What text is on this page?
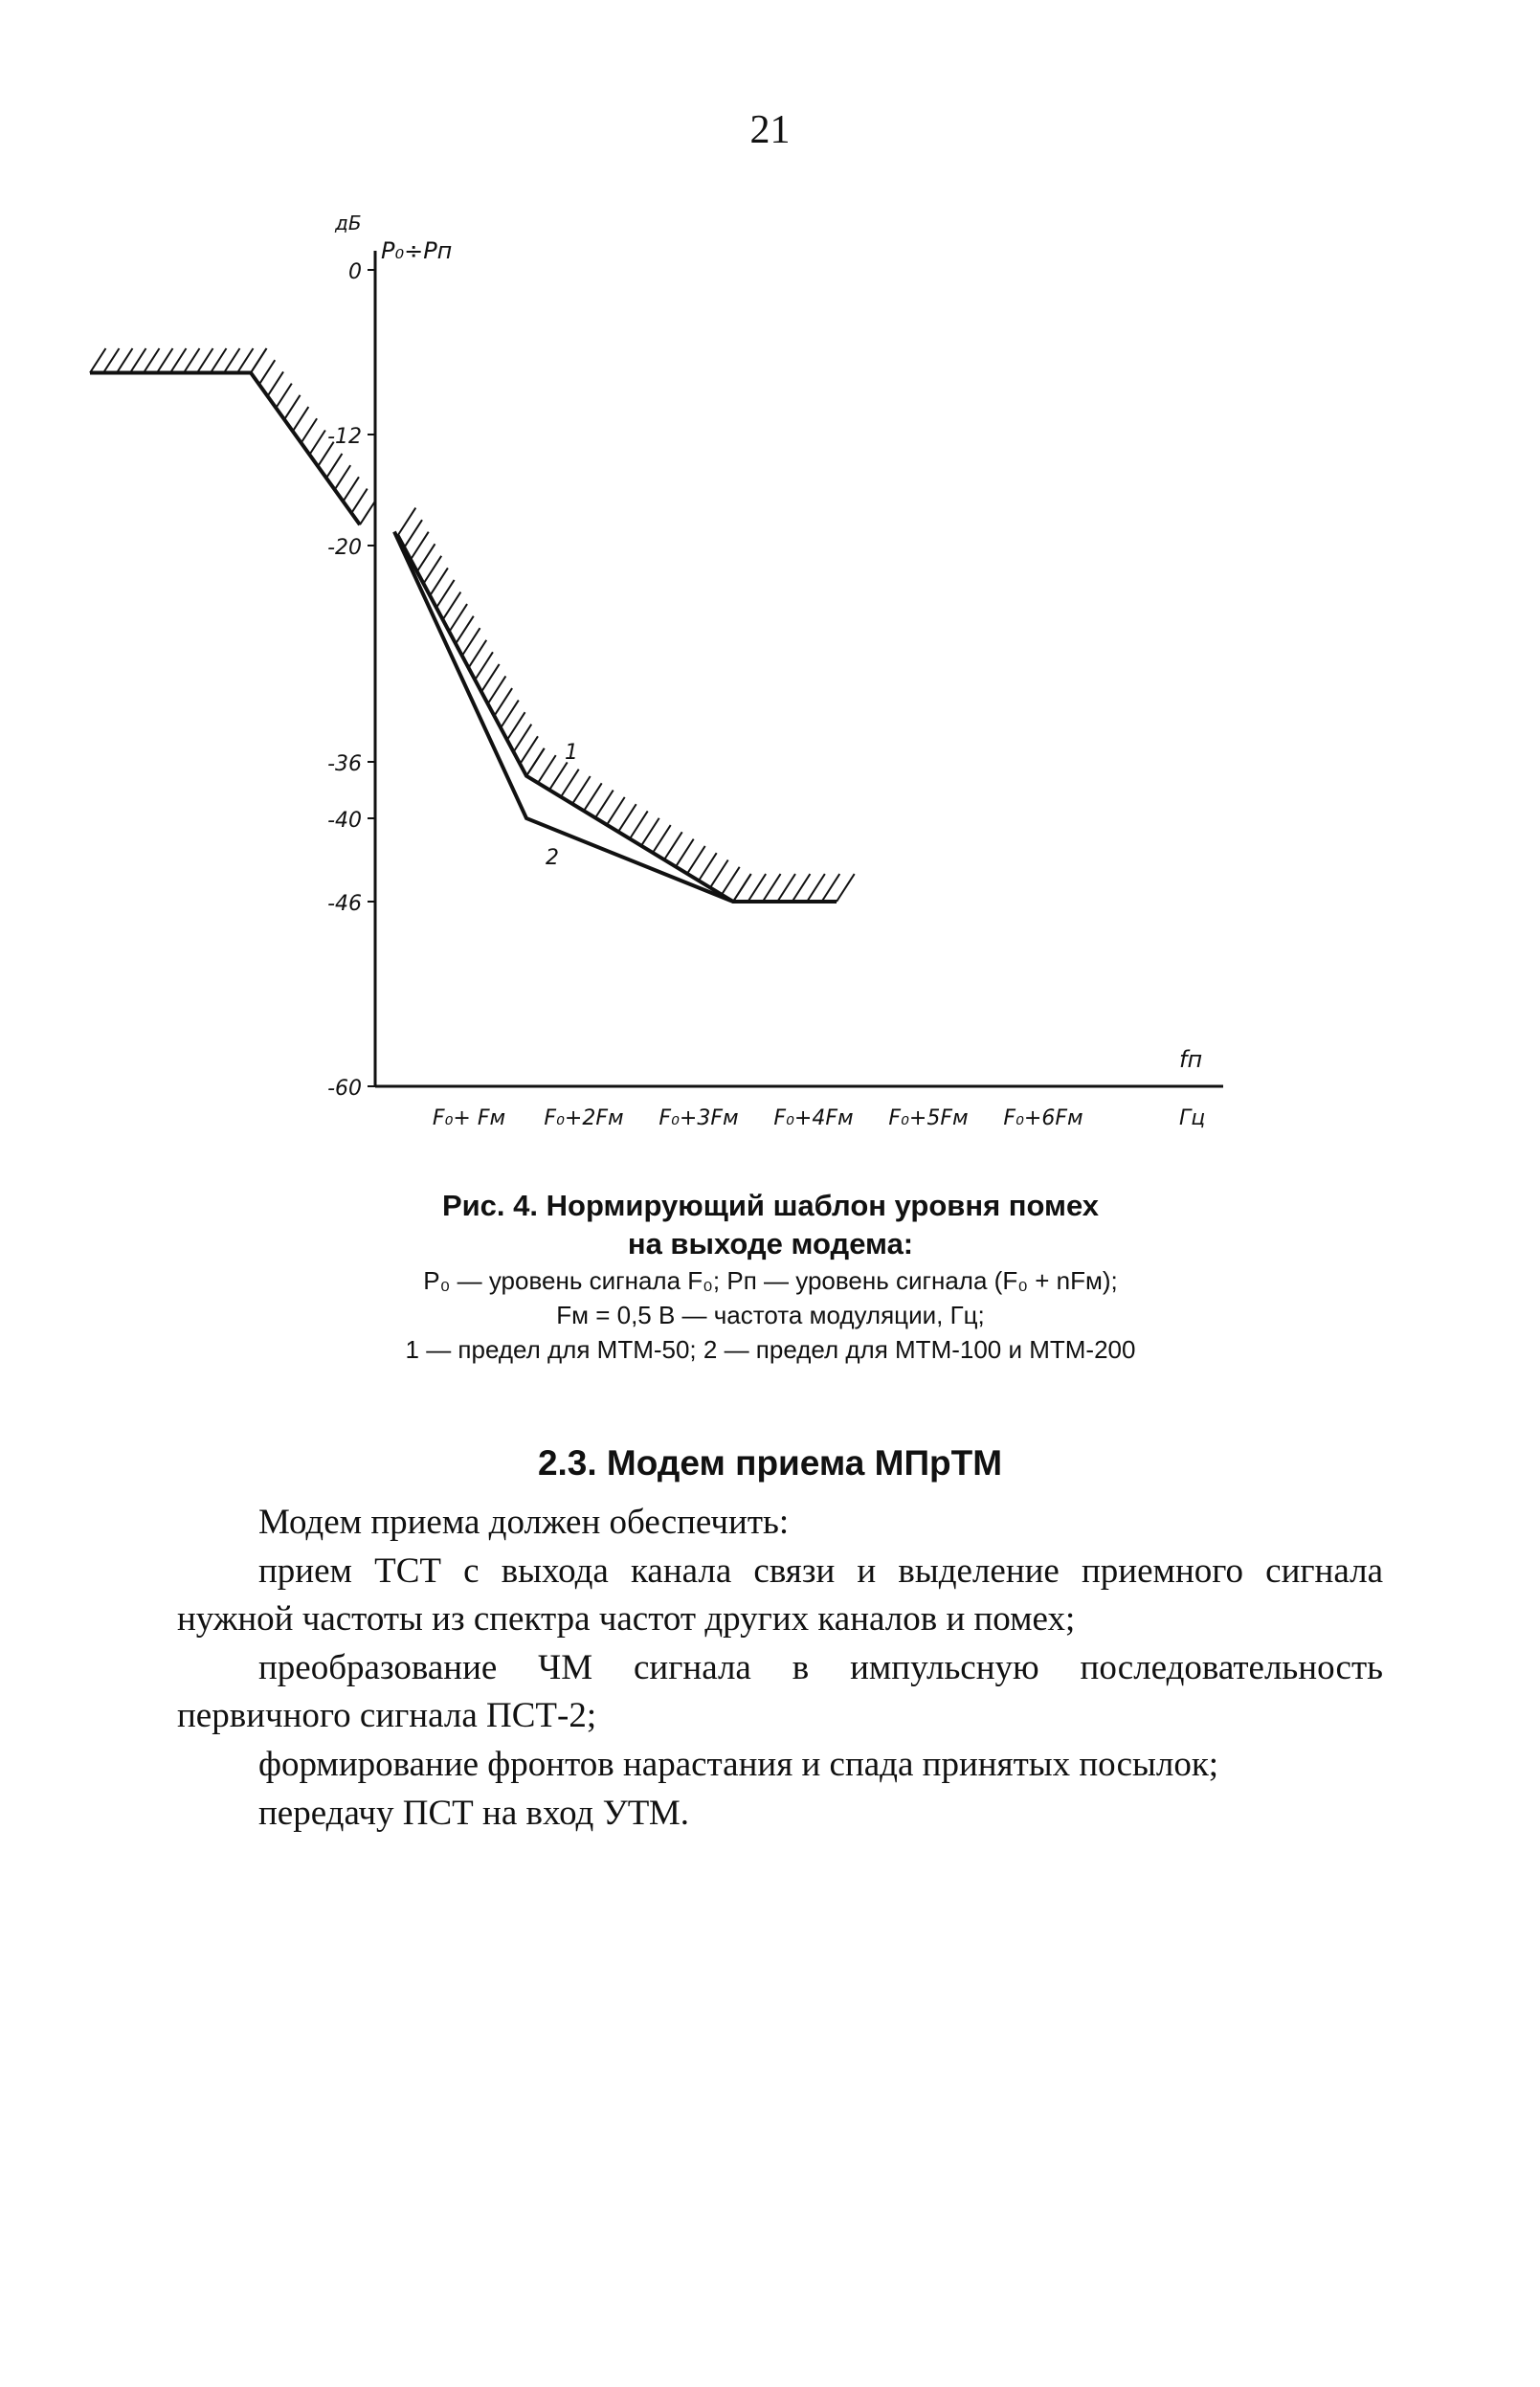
21
0
-12
-20
-36
-40
-46
-60
дБ
P₀÷Pп
F₀+ Fм F₀+2Fм F₀+3Fм F₀+4Fм F₀+5Fм F₀+6Fм
fп
Гц
1
2

Рис. 4. Нормирующий шаблон уровня помех

на выходе модема:

P₀ — уровень сигнала F₀; Pп — уровень сигнала (F₀ + nFм);

Fм = 0,5 В — частота модуляции, Гц;

1 — предел для МТМ-50; 2 — предел для МТМ-100 и МТМ-200

2.3. Модем приема МПрТМ

Модем приема должен обеспечить:

прием ТСТ с выхода канала связи и выделение приемного сигнала нужной частоты из спектра частот других каналов и помех;

преобразование ЧМ сигнала в импульсную последовательность первичного сигнала ПСТ-2;

формирование фронтов нарастания и спада принятых посылок;

передачу ПСТ на вход УТМ.
